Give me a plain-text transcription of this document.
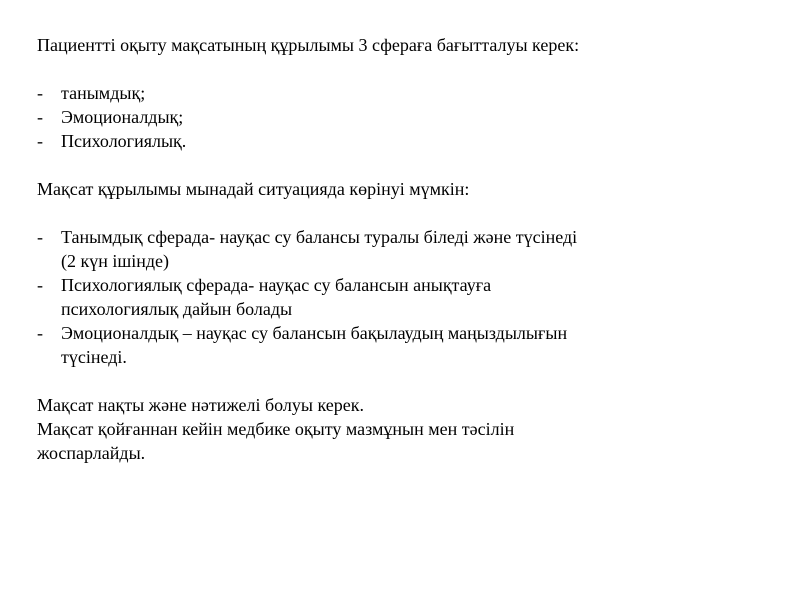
Пациентті оқыту мақсатының құрылымы 3 сфераға бағытталуы керек:

-	танымдық;
-	Эмоционалдық;
-	Психологиялық.

Мақсат құрылымы мынадай ситуацияда көрінуі мүмкін:

-	Танымдық сферада- науқас су балансы туралы біледі және түсінеді
(2 күн ішінде)
-	Психологиялық сферада- науқас су балансын анықтауға
психологиялық дайын болады
-	Эмоционалдық – науқас су балансын бақылаудың маңыздылығын
түсінеді.

Мақсат нақты және нәтижелі болуы керек.

Мақсат қойғаннан кейін медбике оқыту мазмұнын мен тәсілін

жоспарлайды.
